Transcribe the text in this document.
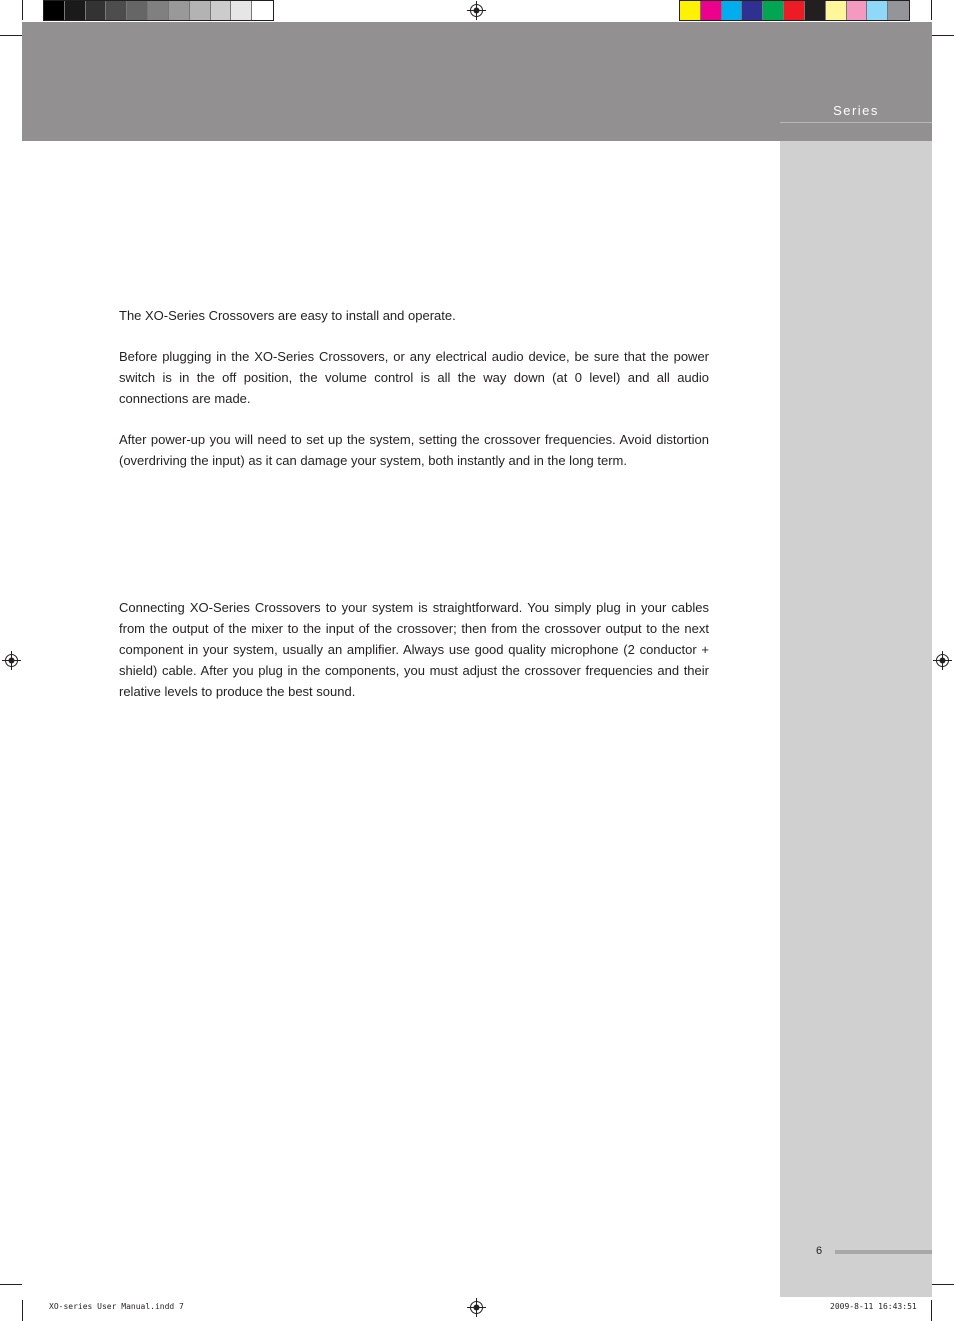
Series
6

The XO-Series Crossovers are easy to install and operate.

Before plugging in the XO-Series Crossovers, or any electrical audio device, be sure that the power switch is in the off position, the volume control is all the way down (at 0 level) and all audio connections are made.

After power-up you will need to set up the system, setting the crossover frequencies. Avoid distortion (overdriving the input) as it can damage your system, both instantly and in the long term.

Connecting XO-Series Crossovers to your system is straightforward. You simply plug in your cables from the output of the mixer to the input of the crossover; then from the crossover output to the next component in your system, usually an amplifier. Always use good quality microphone (2 conductor + shield) cable. After you plug in the components, you must adjust the crossover frequencies and their relative levels to produce the best sound.

XO-series User Manual.indd 7	2009-8-11 16:43:51
